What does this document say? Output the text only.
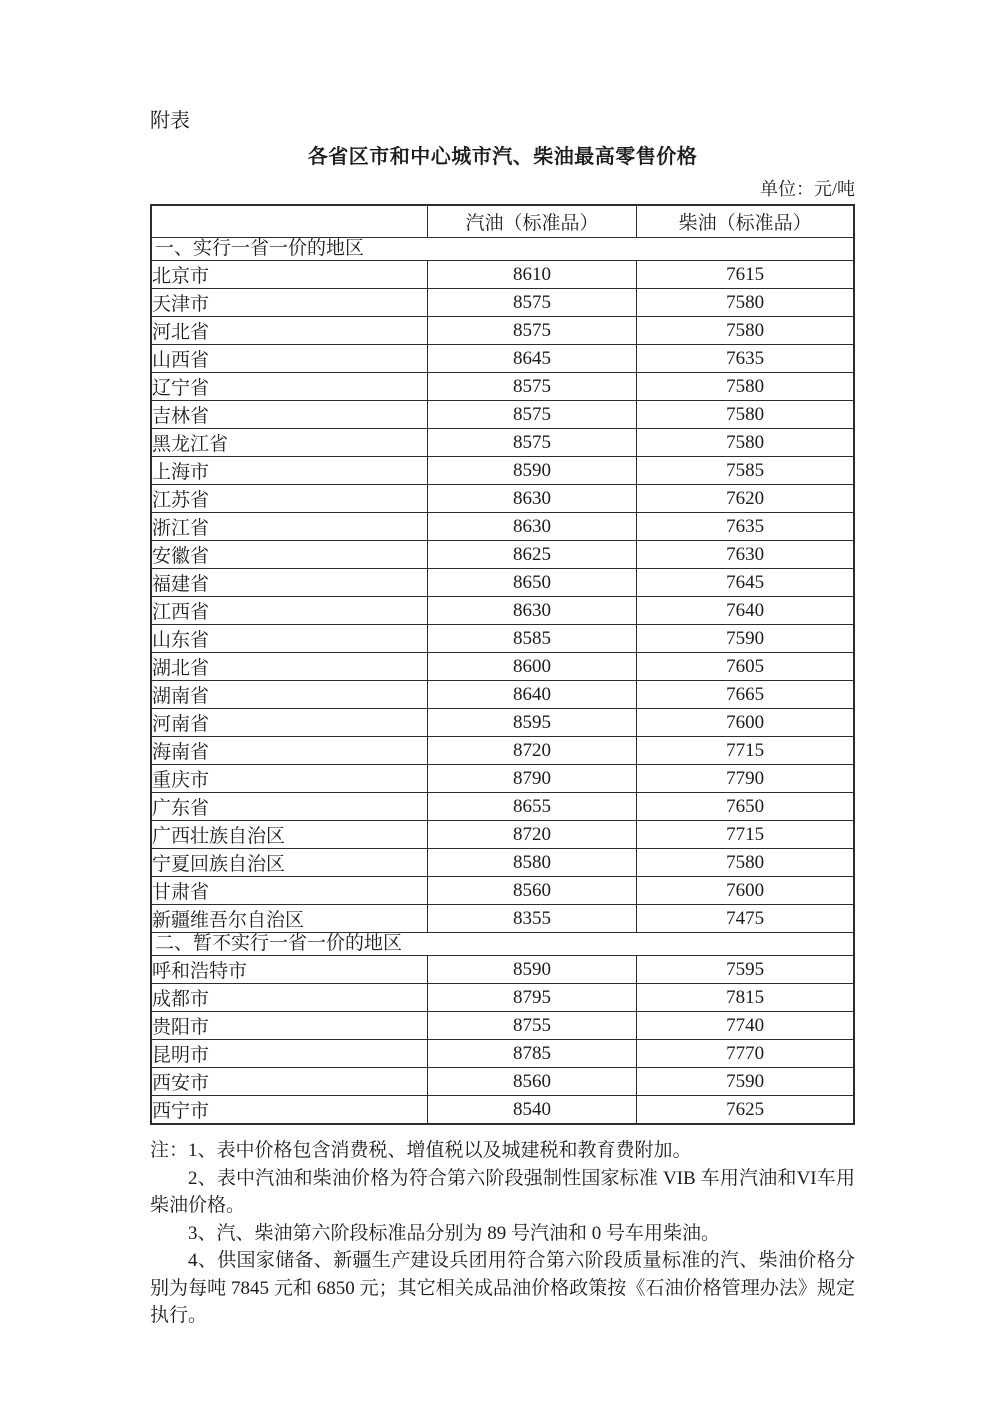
附表

各省区市和中心城市汽、柴油最高零售价格

单位：元/吨

	汽油（标准品）	柴油（标准品）
一、实行一省一价的地区		
北京市	8610	7615
天津市	8575	7580
河北省	8575	7580
山西省	8645	7635
辽宁省	8575	7580
吉林省	8575	7580
黑龙江省	8575	7580
上海市	8590	7585
江苏省	8630	7620
浙江省	8630	7635
安徽省	8625	7630
福建省	8650	7645
江西省	8630	7640
山东省	8585	7590
湖北省	8600	7605
湖南省	8640	7665
河南省	8595	7600
海南省	8720	7715
重庆市	8790	7790
广东省	8655	7650
广西壮族自治区	8720	7715
宁夏回族自治区	8580	7580
甘肃省	8560	7600
新疆维吾尔自治区	8355	7475
二、暂不实行一省一价的地区		
呼和浩特市	8590	7595
成都市	8795	7815
贵阳市	8755	7740
昆明市	8785	7770
西安市	8560	7590
西宁市	8540	7625

注：1、表中价格包含消费税、增值税以及城建税和教育费附加。

2、表中汽油和柴油价格为符合第六阶段强制性国家标准 VIB 车用汽油和VI车用柴油价格。

3、汽、柴油第六阶段标准品分别为 89 号汽油和 0 号车用柴油。

4、供国家储备、新疆生产建设兵团用符合第六阶段质量标准的汽、柴油价格分别为每吨 7845 元和 6850 元；其它相关成品油价格政策按《石油价格管理办法》规定执行。
